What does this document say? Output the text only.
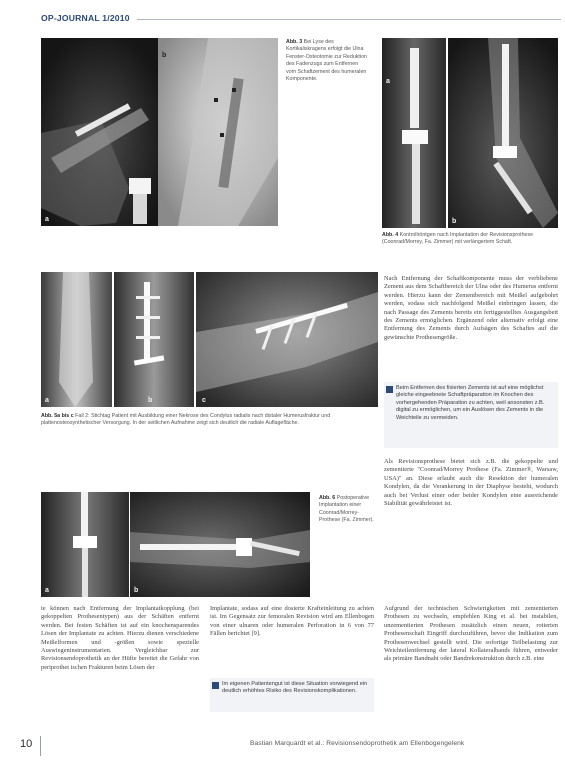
OP-JOURNAL 1/2010
a
b
Abb. 3 Bei Lyse des Kortikaliskragens erfolgt die Ulna Fenster-Osteotomie zur Reduktion des Fadenzugs zum Entfernen vom Schaftzement des humeralen Komponente.	a
b
Abb. 4 Kontrollröntgen nach Implantation der Revisionsprothese (Coonrad/Morrey, Fa. Zimmer) mit verlängertem Schaft.
a	b	c
Abb. 5a bis c Fall 2: Stichtag Patient mit Ausbildung einer Nekrose des Condylus radialis nach distaler Humerusfraktur und plattenosteosynthetischer Versorgung. In der seitlichen Aufnahme zeigt sich deutlich die radiale Auflagefläche.
a	b
Abb. 6 Postoperative Implantation einer Coonrad/Morrey-Prothese (Fa. Zimmer).
Nach Entfernung der Schaftkomponente muss der verbliebene Zement aus dem Schaftbereich der Ulna oder des Humerus entfernt werden. Hierzu kann der Zementbereich mit Meißel aufgebohrt werden, sodass sich nachfolgend Meißel einbringen lassen, die nach Passage des Zements bereits ein fertiggestelltes Ausgangsbett des Zements ermöglichen. Ergänzend oder alternativ erfolgt eine Entfernung des Zements durch Aufsägen des Schaftes auf die gewünschte Prothesengröße.
Beim Entfernen des fixierten Zements ist auf eine möglichst gleiche eingeebnete Schaftpräparation im Knochen des vorhergehenden Präparation zu achten, weil ansonsten z.B. digital zu ermöglichen, um ein Auslösen des Zements in die Weichteile zu vermeiden.
Als Revisionsprothese bietet sich z.B. die gekoppelte und zementierte "Coonrad/Morrey Prothese (Fa. Zimmer®, Warsaw, USA)" an. Diese erlaubt auch die Resektion der humeralen Kondylen, da die Verankerung in der Diaphyse besteht, wodurch auch bei Verlust einer oder beider Kondylen eine ausreichende Stabilität gewährleistet ist.
te können nach Entfernung der Implantatkopplung (bei gekoppelten Prothesentypen) aus der Schäften entfernt werden. Bei festen Schäften ist auf ein knochensparendes Lösen der Implantate zu achten. Hierzu dienen verschiedene Meißelformen und -größen sowie spezielle Auswiegeninstrumentarien. Vergleichbar zur Revisionsendoprothetik an der Hüfte bereitet die Gefahr von periprothet ischen Frakturen beim Lösen der
Implantate, sodass auf eine dosierte Krafteinleitung zu achten ist. Im Gegensatz zur femoralen Revision wird am Ellenbogen von einer ulnaren oder humeralen Perforation in 6 von 77 Fällen berichtet [9].
Im eigenen Patientengut ist diese Situation vorwiegend ein deutlich erhöhtes Risiko des Revisionskomplikationen.
Aufgrund der technischen Schwierigkeiten mit zementierten Prothesen zu wechseln, empfehlen King et al. bei instabilen, unzementierten Prothesen zusätzlich einen neuen, rotierten Prothesenschaft Eingriff durchzuführen, bevor die Indikation zum Prothesenwechsel gestellt wird. Die sofortige Teilbelastung zur Weichteilentfernung der lateral Kollateralbands führen, entweder als primäre Bandnaht oder Bandrekonstruktion durch z.B. eine
10	Bastian Marquardt et al.: Revisionsendoprothetik am Ellenbogengelenk
